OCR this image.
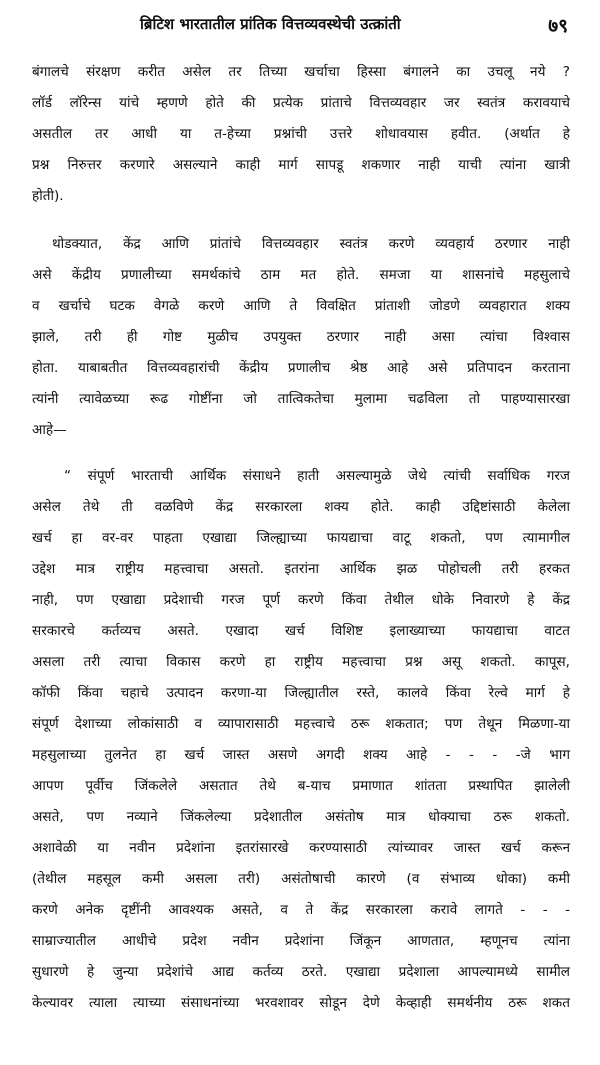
ब्रिटिश भारतातील प्रांतिक वित्तव्यवस्थेची उत्क्रांती	७९
बंगालचे संरक्षण करीत असेल तर तिच्या खर्चाचा हिस्सा बंगालने का उचलू नये ?
लॉर्ड लॉरेन्स यांचे म्हणणे होते की प्रत्येक प्रांताचे वित्तव्यवहार जर स्वतंत्र करावयाचे
असतील तर आधी या त-हेच्या प्रश्नांची उत्तरे शोधावयास हवीत. (अर्थात हे
प्रश्न निरुत्तर करणारे असल्याने काही मार्ग सापडू शकणार नाही याची त्यांना खात्री
होती).
थोडक्यात, केंद्र आणि प्रांतांचे वित्तव्यवहार स्वतंत्र करणे व्यवहार्य ठरणार नाही
असे केंद्रीय प्रणालीच्या समर्थकांचे ठाम मत होते. समजा या शासनांचे महसुलाचे
व खर्चाचे घटक वेगळे करणे आणि ते विवक्षित प्रांताशी जोडणे व्यवहारात शक्य
झाले, तरी ही गोष्ट मुळीच उपयुक्त ठरणार नाही असा त्यांचा विश्वास
होता. याबाबतीत वित्तव्यवहारांची केंद्रीय प्रणालीच श्रेष्ठ आहे असे प्रतिपादन करताना
त्यांनी त्यावेळच्या रूढ गोष्टींना जो तात्विकतेचा मुलामा चढविला तो पाहण्यासारखा
आहे—
“ संपूर्ण भारताची आर्थिक संसाधने हाती असल्यामुळे जेथे त्यांची सर्वाधिक गरज
असेल तेथे ती वळविणे केंद्र सरकारला शक्य होते. काही उद्दिष्टांसाठी केलेला
खर्च हा वर-वर पाहता एखाद्या जिल्ह्याच्या फायद्याचा वाटू शकतो, पण त्यामागील
उद्देश मात्र राष्ट्रीय महत्त्वाचा असतो. इतरांना आर्थिक झळ पोहोचली तरी हरकत
नाही, पण एखाद्या प्रदेशाची गरज पूर्ण करणे किंवा तेथील धोके निवारणे हे केंद्र
सरकारचे कर्तव्यच असते. एखादा खर्च विशिष्ट इलाख्याच्या फायद्याचा वाटत
असला तरी त्याचा विकास करणे हा राष्ट्रीय महत्त्वाचा प्रश्न असू शकतो. कापूस,
कॉफी किंवा चहाचे उत्पादन करणा-या जिल्ह्यातील रस्ते, कालवे किंवा रेल्वे मार्ग हे
संपूर्ण देशाच्या लोकांसाठी व व्यापारासाठी महत्त्वाचे ठरू शकतात; पण तेथून मिळणा-या
महसुलाच्या तुलनेत हा खर्च जास्त असणे अगदी शक्य आहे - - - -जे भाग
आपण पूर्वीच जिंकलेले असतात तेथे ब-याच प्रमाणात शांतता प्रस्थापित झालेली
असते, पण नव्याने जिंकलेल्या प्रदेशातील असंतोष मात्र धोक्याचा ठरू शकतो.
अशावेळी या नवीन प्रदेशांना इतरांसारखे करण्यासाठी त्यांच्यावर जास्त खर्च करून
(तेथील महसूल कमी असला तरी) असंतोषाची कारणे (व संभाव्य धोका) कमी
करणे अनेक दृष्टींनी आवश्यक असते, व ते केंद्र सरकारला करावे लागते - - -
साम्राज्यातील आधीचे प्रदेश नवीन प्रदेशांना जिंकून आणतात, म्हणूनच त्यांना
सुधारणे हे जुन्या प्रदेशांचे आद्य कर्तव्य ठरते. एखाद्या प्रदेशाला आपल्यामध्ये सामील
केल्यावर त्याला त्याच्या संसाधनांच्या भरवशावर सोडून देणे केव्हाही समर्थनीय ठरू शकत
